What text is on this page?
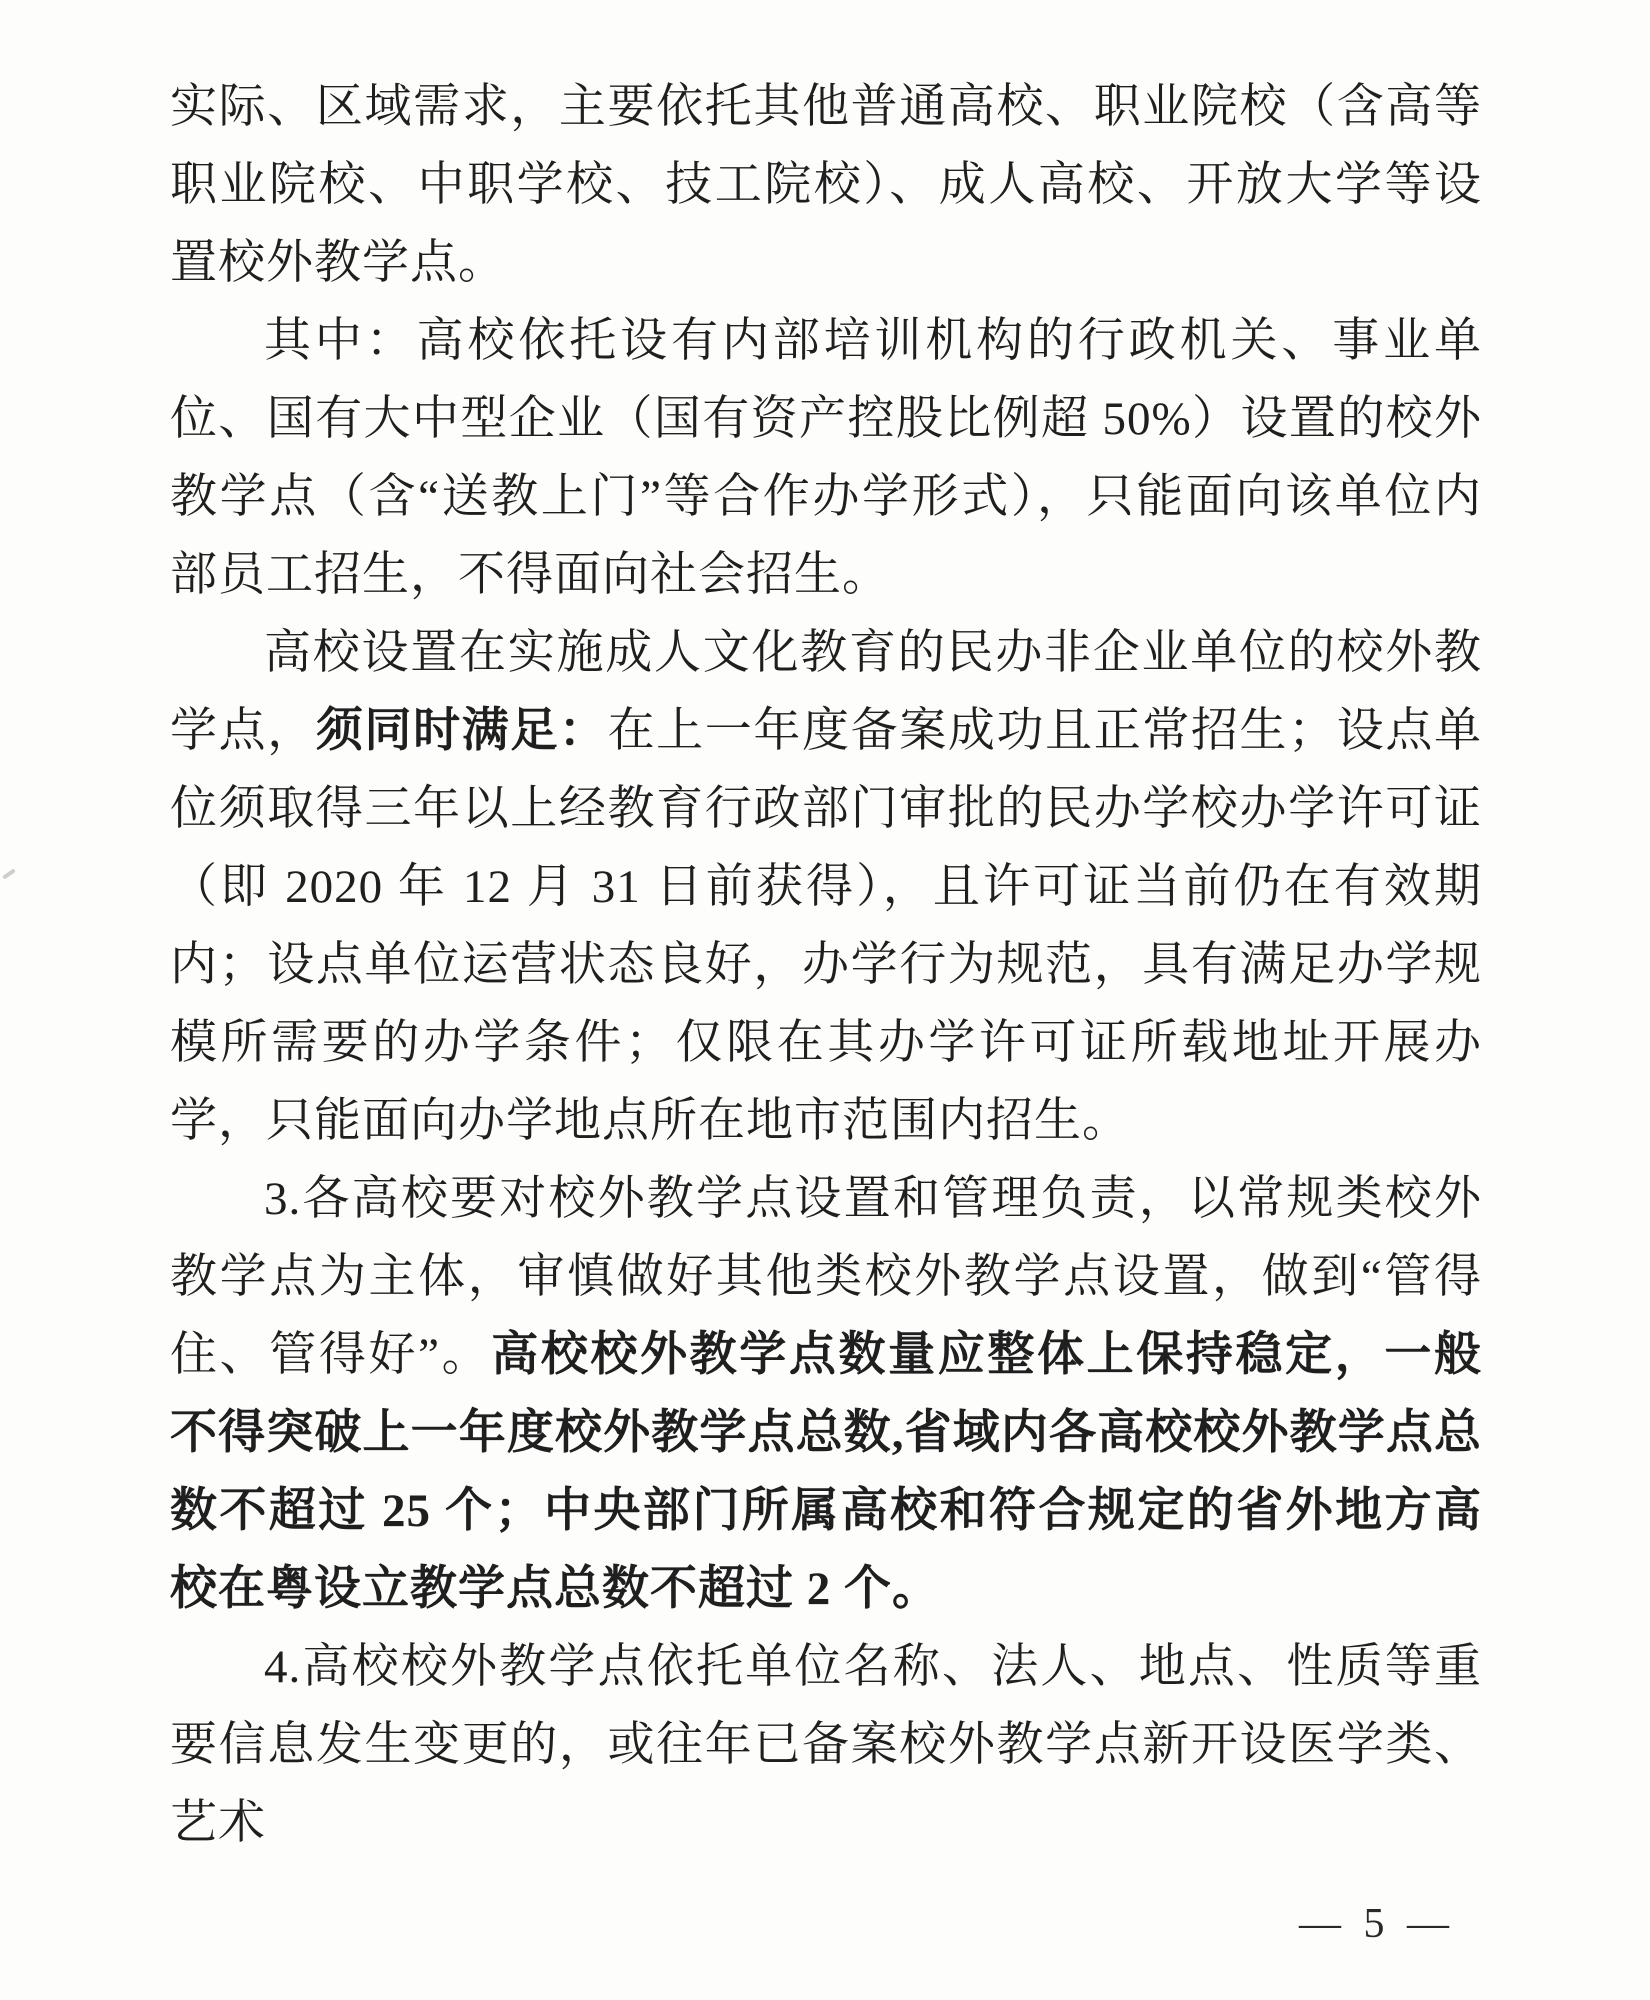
实际、区域需求，主要依托其他普通高校、职业院校（含高等职业院校、中职学校、技工院校）、成人高校、开放大学等设置校外教学点。

其中：高校依托设有内部培训机构的行政机关、事业单位、国有大中型企业（国有资产控股比例超 50%）设置的校外教学点（含“送教上门”等合作办学形式），只能面向该单位内部员工招生，不得面向社会招生。

高校设置在实施成人文化教育的民办非企业单位的校外教学点，须同时满足：在上一年度备案成功且正常招生；设点单位须取得三年以上经教育行政部门审批的民办学校办学许可证（即 2020 年 12 月 31 日前获得），且许可证当前仍在有效期内；设点单位运营状态良好，办学行为规范，具有满足办学规模所需要的办学条件；仅限在其办学许可证所载地址开展办学，只能面向办学地点所在地市范围内招生。

3.各高校要对校外教学点设置和管理负责，以常规类校外教学点为主体，审慎做好其他类校外教学点设置，做到“管得住、管得好”。高校校外教学点数量应整体上保持稳定，一般不得突破上一年度校外教学点总数,省域内各高校校外教学点总数不超过 25 个；中央部门所属高校和符合规定的省外地方高校在粤设立教学点总数不超过 2 个。

4.高校校外教学点依托单位名称、法人、地点、性质等重要信息发生变更的，或往年已备案校外教学点新开设医学类、艺术

— 5 —
